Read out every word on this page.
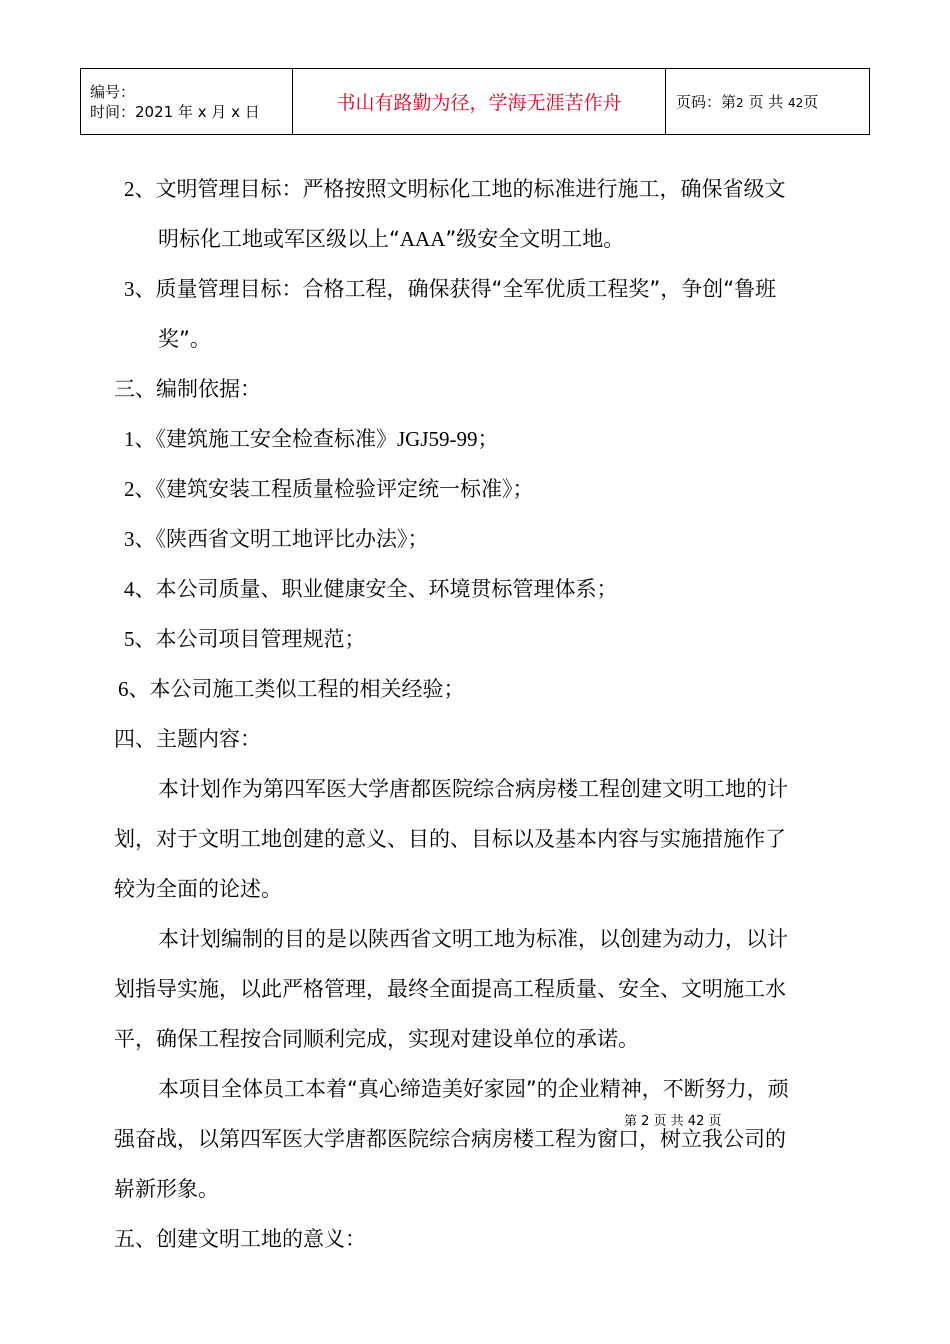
编号：
时间：2021 年 x 月 x 日	书山有路勤为径，学海无涯苦作舟	页码：第2 页 共 42页
2、文明管理目标：严格按照文明标化工地的标准进行施工，确保省级文
明标化工地或军区级以上“AAA”级安全文明工地。
3、质量管理目标：合格工程，确保获得“全军优质工程奖”，争创“鲁班
奖”。
三、编制依据：
1、《建筑施工安全检查标准》JGJ59-99；
2、《建筑安装工程质量检验评定统一标准》；
3、《陕西省文明工地评比办法》；
4、本公司质量、职业健康安全、环境贯标管理体系；
5、本公司项目管理规范；
6、本公司施工类似工程的相关经验；
四、主题内容：
本计划作为第四军医大学唐都医院综合病房楼工程创建文明工地的计
划，对于文明工地创建的意义、目的、目标以及基本内容与实施措施作了
较为全面的论述。
本计划编制的目的是以陕西省文明工地为标准，以创建为动力，以计
划指导实施，以此严格管理，最终全面提高工程质量、安全、文明施工水
平，确保工程按合同顺利完成，实现对建设单位的承诺。
本项目全体员工本着“真心缔造美好家园”的企业精神，不断努力，顽
强奋战，以第四军医大学唐都医院综合病房楼工程为窗口，树立我公司的
崭新形象。
五、创建文明工地的意义：
第 2 页 共 42 页
